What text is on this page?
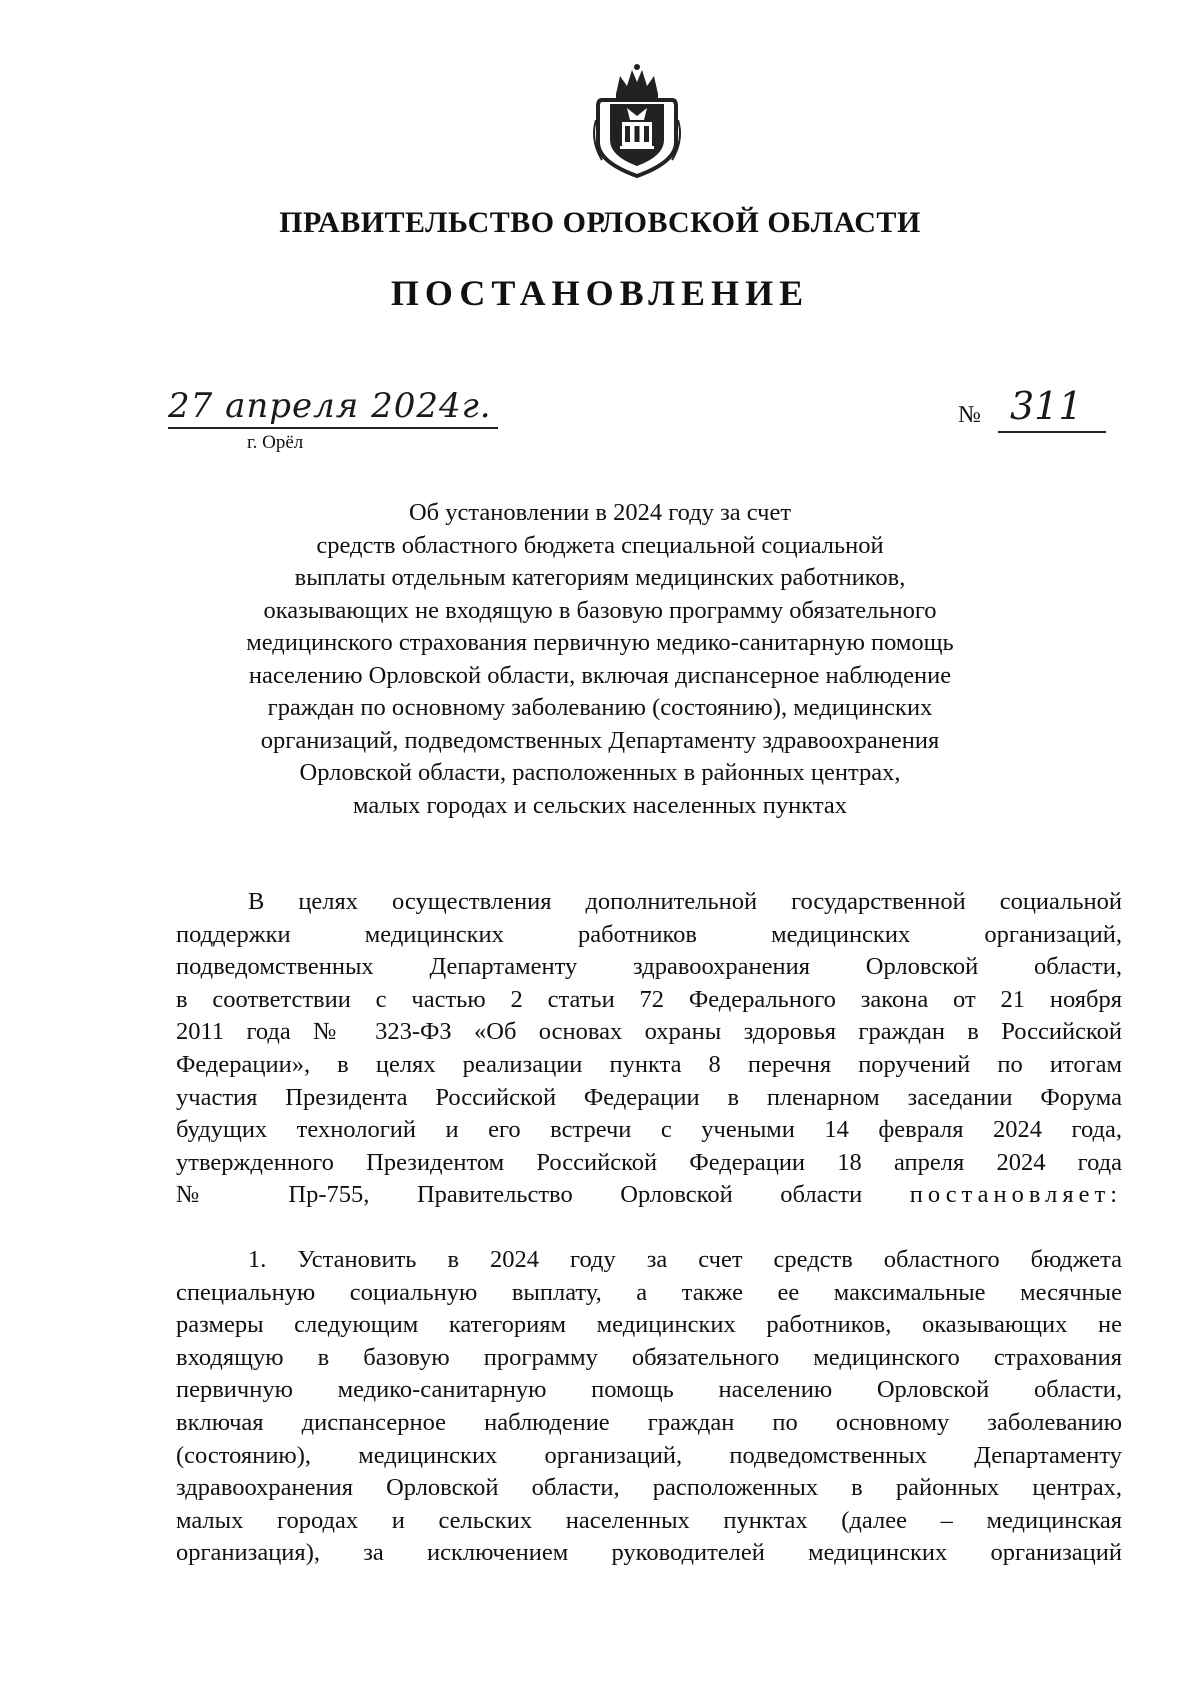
ПРАВИТЕЛЬСТВО ОРЛОВСКОЙ ОБЛАСТИ
ПОСТАНОВЛЕНИЕ
27 апреля 2024г.
г. Орёл
№ 311
Об установлении в 2024 году за счет
средств областного бюджета специальной социальной
выплаты отдельным категориям медицинских работников,
оказывающих не входящую в базовую программу обязательного
медицинского страхования первичную медико-санитарную помощь
населению Орловской области, включая диспансерное наблюдение
граждан по основному заболеванию (состоянию), медицинских
организаций, подведомственных Департаменту здравоохранения
Орловской области, расположенных в районных центрах,
малых городах и сельских населенных пунктах
В целях осуществления дополнительной государственной социальной
поддержки медицинских работников медицинских организаций,
подведомственных Департаменту здравоохранения Орловской области,
в соответствии с частью 2 статьи 72 Федерального закона от 21 ноября
2011 года № 323-ФЗ «Об основах охраны здоровья граждан в Российской
Федерации», в целях реализации пункта 8 перечня поручений по итогам
участия Президента Российской Федерации в пленарном заседании Форума
будущих технологий и его встречи с учеными 14 февраля 2024 года,
утвержденного Президентом Российской Федерации 18 апреля 2024 года
№ Пр-755, Правительство Орловской области постановляет:
1. Установить в 2024 году за счет средств областного бюджета
специальную социальную выплату, а также ее максимальные месячные
размеры следующим категориям медицинских работников, оказывающих не
входящую в базовую программу обязательного медицинского страхования
первичную медико-санитарную помощь населению Орловской области,
включая диспансерное наблюдение граждан по основному заболеванию
(состоянию), медицинских организаций, подведомственных Департаменту
здравоохранения Орловской области, расположенных в районных центрах,
малых городах и сельских населенных пунктах (далее – медицинская
организация), за исключением руководителей медицинских организаций
